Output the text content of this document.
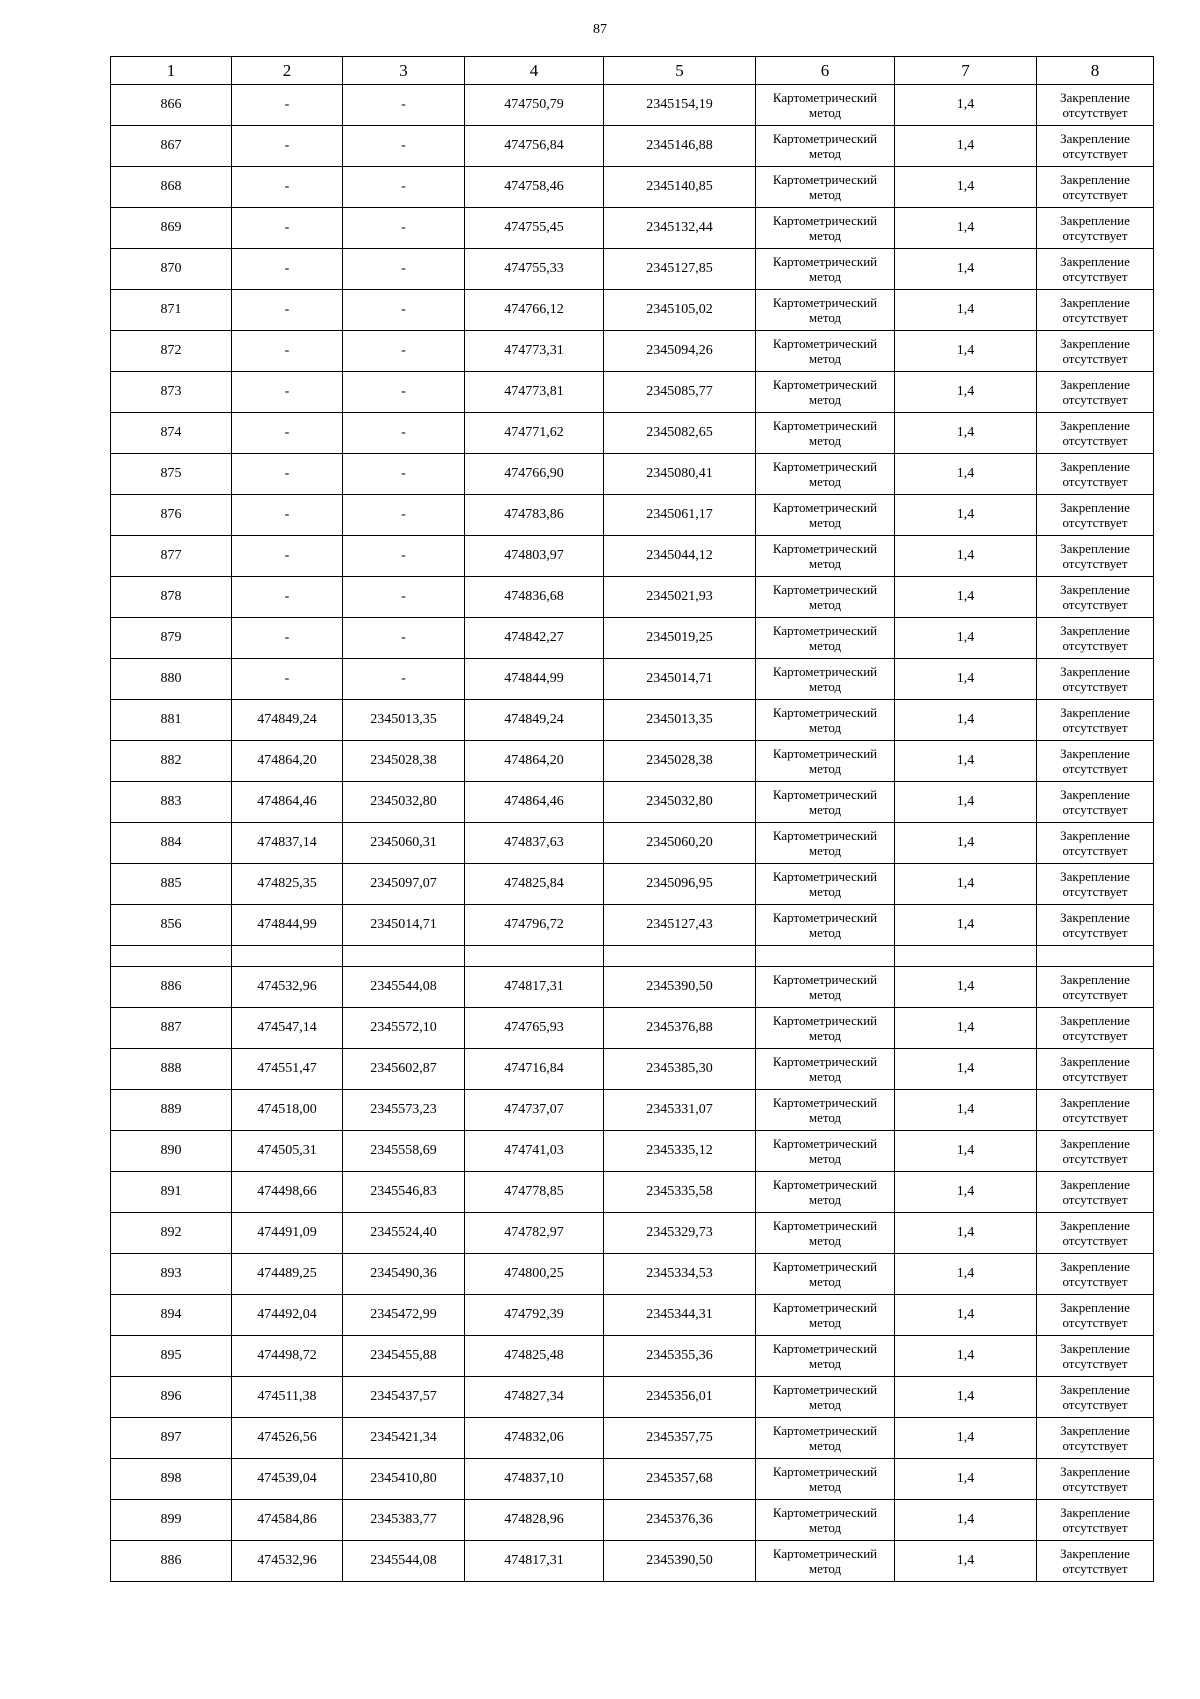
87
1	2	3	4	5	6	7	8
866	-	-	474750,79	2345154,19	Картометрический метод	1,4	Закрепление отсутствует
867	-	-	474756,84	2345146,88	Картометрический метод	1,4	Закрепление отсутствует
868	-	-	474758,46	2345140,85	Картометрический метод	1,4	Закрепление отсутствует
869	-	-	474755,45	2345132,44	Картометрический метод	1,4	Закрепление отсутствует
870	-	-	474755,33	2345127,85	Картометрический метод	1,4	Закрепление отсутствует
871	-	-	474766,12	2345105,02	Картометрический метод	1,4	Закрепление отсутствует
872	-	-	474773,31	2345094,26	Картометрический метод	1,4	Закрепление отсутствует
873	-	-	474773,81	2345085,77	Картометрический метод	1,4	Закрепление отсутствует
874	-	-	474771,62	2345082,65	Картометрический метод	1,4	Закрепление отсутствует
875	-	-	474766,90	2345080,41	Картометрический метод	1,4	Закрепление отсутствует
876	-	-	474783,86	2345061,17	Картометрический метод	1,4	Закрепление отсутствует
877	-	-	474803,97	2345044,12	Картометрический метод	1,4	Закрепление отсутствует
878	-	-	474836,68	2345021,93	Картометрический метод	1,4	Закрепление отсутствует
879	-	-	474842,27	2345019,25	Картометрический метод	1,4	Закрепление отсутствует
880	-	-	474844,99	2345014,71	Картометрический метод	1,4	Закрепление отсутствует
881	474849,24	2345013,35	474849,24	2345013,35	Картометрический метод	1,4	Закрепление отсутствует
882	474864,20	2345028,38	474864,20	2345028,38	Картометрический метод	1,4	Закрепление отсутствует
883	474864,46	2345032,80	474864,46	2345032,80	Картометрический метод	1,4	Закрепление отсутствует
884	474837,14	2345060,31	474837,63	2345060,20	Картометрический метод	1,4	Закрепление отсутствует
885	474825,35	2345097,07	474825,84	2345096,95	Картометрический метод	1,4	Закрепление отсутствует
856	474844,99	2345014,71	474796,72	2345127,43	Картометрический метод	1,4	Закрепление отсутствует

886	474532,96	2345544,08	474817,31	2345390,50	Картометрический метод	1,4	Закрепление отсутствует
887	474547,14	2345572,10	474765,93	2345376,88	Картометрический метод	1,4	Закрепление отсутствует
888	474551,47	2345602,87	474716,84	2345385,30	Картометрический метод	1,4	Закрепление отсутствует
889	474518,00	2345573,23	474737,07	2345331,07	Картометрический метод	1,4	Закрепление отсутствует
890	474505,31	2345558,69	474741,03	2345335,12	Картометрический метод	1,4	Закрепление отсутствует
891	474498,66	2345546,83	474778,85	2345335,58	Картометрический метод	1,4	Закрепление отсутствует
892	474491,09	2345524,40	474782,97	2345329,73	Картометрический метод	1,4	Закрепление отсутствует
893	474489,25	2345490,36	474800,25	2345334,53	Картометрический метод	1,4	Закрепление отсутствует
894	474492,04	2345472,99	474792,39	2345344,31	Картометрический метод	1,4	Закрепление отсутствует
895	474498,72	2345455,88	474825,48	2345355,36	Картометрический метод	1,4	Закрепление отсутствует
896	474511,38	2345437,57	474827,34	2345356,01	Картометрический метод	1,4	Закрепление отсутствует
897	474526,56	2345421,34	474832,06	2345357,75	Картометрический метод	1,4	Закрепление отсутствует
898	474539,04	2345410,80	474837,10	2345357,68	Картометрический метод	1,4	Закрепление отсутствует
899	474584,86	2345383,77	474828,96	2345376,36	Картометрический метод	1,4	Закрепление отсутствует
886	474532,96	2345544,08	474817,31	2345390,50	Картометрический метод	1,4	Закрепление отсутствует
